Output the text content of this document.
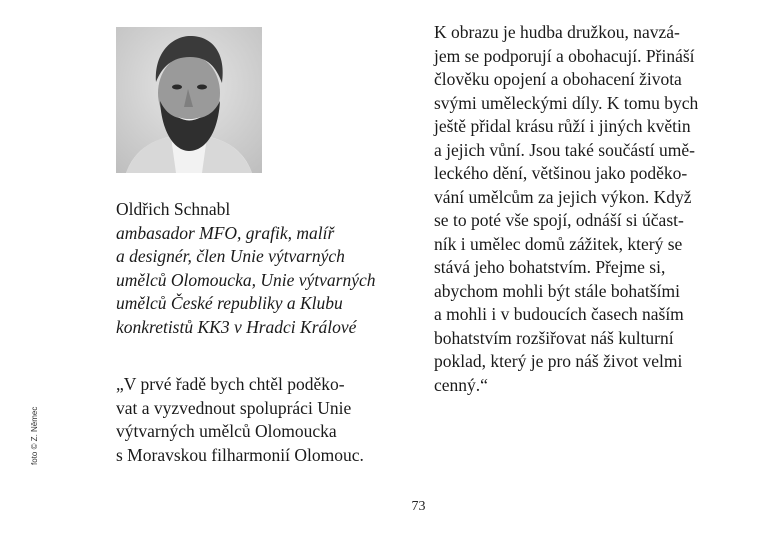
Oldřich Schnabl
ambasador MFO, grafik, malíř
a designér, člen Unie výtvarných
umělců Olomoucka, Unie výtvarných
umělců České republiky a Klubu
konkretistů KK3 v Hradci Králové
„V prvé řadě bych chtěl poděko-
vat a vyzvednout spolupráci Unie
výtvarných umělců Olomoucka
s Moravskou filharmonií Olomouc.
K obrazu je hudba družkou, navzá-
jem se podporují a obohacují. Přináší
člověku opojení a obohacení života
svými uměleckými díly. K tomu bych
ještě přidal krásu růží i jiných květin
a jejich vůní. Jsou také součástí umě-
leckého dění, většinou jako poděko-
vání umělcům za jejich výkon. Když
se to poté vše spojí, odnáší si účast-
ník i umělec domů zážitek, který se
stává jeho bohatstvím. Přejme si,
abychom mohli být stále bohatšími
a mohli i v budoucích časech naším
bohatstvím rozšiřovat náš kulturní
poklad, který je pro náš život velmi
cenný.“
foto © Z. Němec
73
